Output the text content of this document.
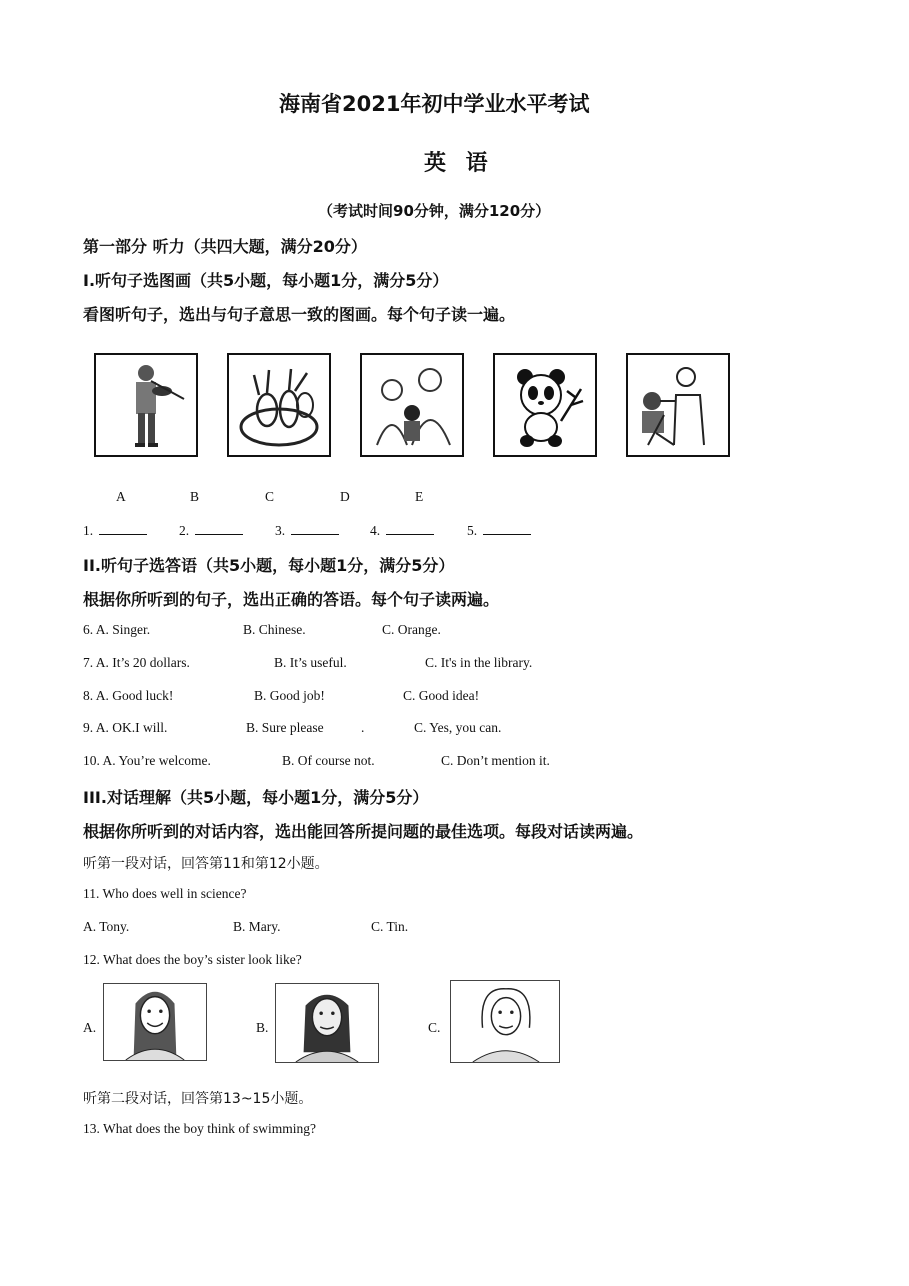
海南省2021年初中学业水平考试
英 语
（考试时间90分钟，满分120分）
第一部分 听力（共四大题，满分20分）
I.听句子选图画（共5小题，每小题1分，满分5分）
看图听句子，选出与句子意思一致的图画。每个句子读一遍。
A	B	C	D	E
1.	2.	3.	4.	5.
II.听句子选答语（共5小题，每小题1分，满分5分）
根据你所听到的句子，选出正确的答语。每个句子读两遍。
6. A. Singer.	B. Chinese.	C. Orange.
7. A. It’s 20 dollars.	B. It’s useful.	C. It's in the library.
8. A. Good luck!	B. Good job!	C. Good idea!
9. A. OK.I will.	B. Sure please	.	C. Yes, you can.
10. A. You’re welcome.	B. Of course not.	C. Don’t mention it.
III.对话理解（共5小题，每小题1分，满分5分）
根据你所听到的对话内容，选出能回答所提问题的最佳选项。每段对话读两遍。
听第一段对话，回答第11和第12小题。
11. Who does well in science?
A. Tony.	B. Mary.	C. Tin.
12. What does the boy’s sister look like?
A.	B.	C.
听第二段对话，回答第13~15小题。
13. What does the boy think of swimming?
